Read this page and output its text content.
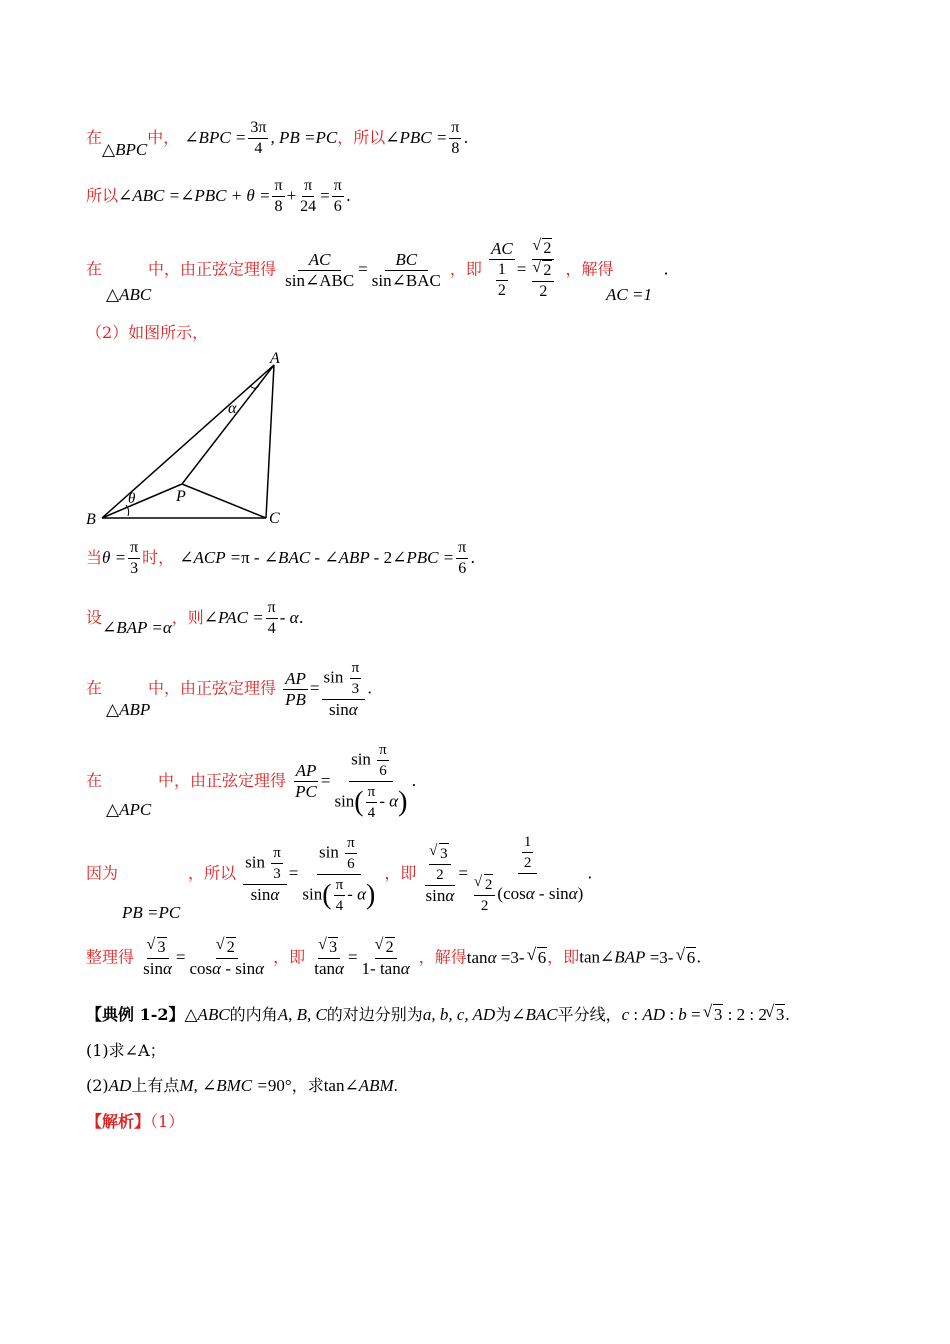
在△BPC中， ∠BPC = $\frac{3\pi}{4}$ , PB =PC，所以∠PBC = $\frac{\pi}{8}$ .
所以∠ABC =∠PBC + $\theta = \frac{\pi}{8} + \frac{\pi}{24} = \frac{\pi}{6}$ .
在	中，由正弦定理得 $\frac{AC}{\text{sin∠ABC}} = \frac{BC}{\text{sin∠BAC}}$ ，即 $\frac{AC}{\frac{1}{2}}$ = √ 2
√ $\frac{2}{2}$ ，解得	.
△ABC	AC =1
（2）如图所示，
A
B	C
P
α
θ
当$\theta = \frac{\pi}{3}$ 时， ∠ACP =π - ∠BAC - ∠ABP - 2∠PBC = $\frac{\pi}{6}$ .
设∠BAP =α，则∠PAC = $\frac{\pi}{4}$ - α.
在	中，由正弦定理得 $\frac{AP}{PB} = \frac{\sin \frac{\pi}{3}}{\sin\alpha}$ .
△ABP
在	中，由正弦定理得 $\frac{AP}{PC} = \frac{\sin \frac{\pi}{6}}{\sin( \frac{\pi}{4} - \alpha)}$ .
△APC
因为	，所以 $\frac{\sin \frac{\pi}{3}}{\sin\alpha} = \frac{\sin \frac{\pi}{6}}{\sin( \frac{\pi}{4} - \alpha)}$ ，即 √ $\frac{\frac{3}{2}}{\sin\alpha} = \frac{1}{2}$
√ $\frac{2}{2} (\cos\alpha - \sin\alpha)$ .
PB =PC
整理得 √ $\frac{3}{\sin\alpha}$ = √ $\frac{2}{\cos\alpha - \sin\alpha}$ ，即 √ $\frac{3}{\tan\alpha}$ = √ $\frac{2}{1- \tan\alpha}$ ，解得tanα =3- √ 6，即tan∠BAP =3- √ 6.
【典例 1-2】△ABC的内角A, B, C的对边分别为a, b, c, AD为∠BAC平分线，c : AD : b = √ 3 : 2 : 2 √ 3.
(1)求∠A；
(2)AD上有点M, ∠BMC =90°，求tan∠ABM.
【解析】（1）
